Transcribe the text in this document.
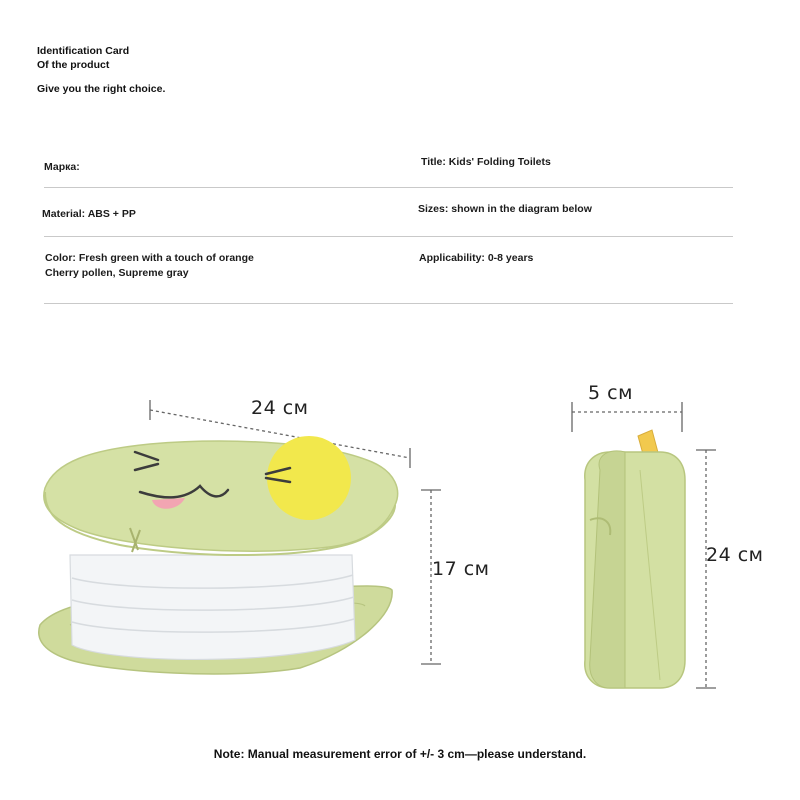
Identification Card
Of the product
Give you the right choice.
Марка:	Title: Kids' Folding Toilets
Material: ABS + PP	Sizes: shown in the diagram below
Color: Fresh green with a touch of orange
Cherry pollen, Supreme gray
Applicability: 0-8 years
24 см
17 см
5 см
24 см
Note: Manual measurement error of +/- 3 cm—please understand.
